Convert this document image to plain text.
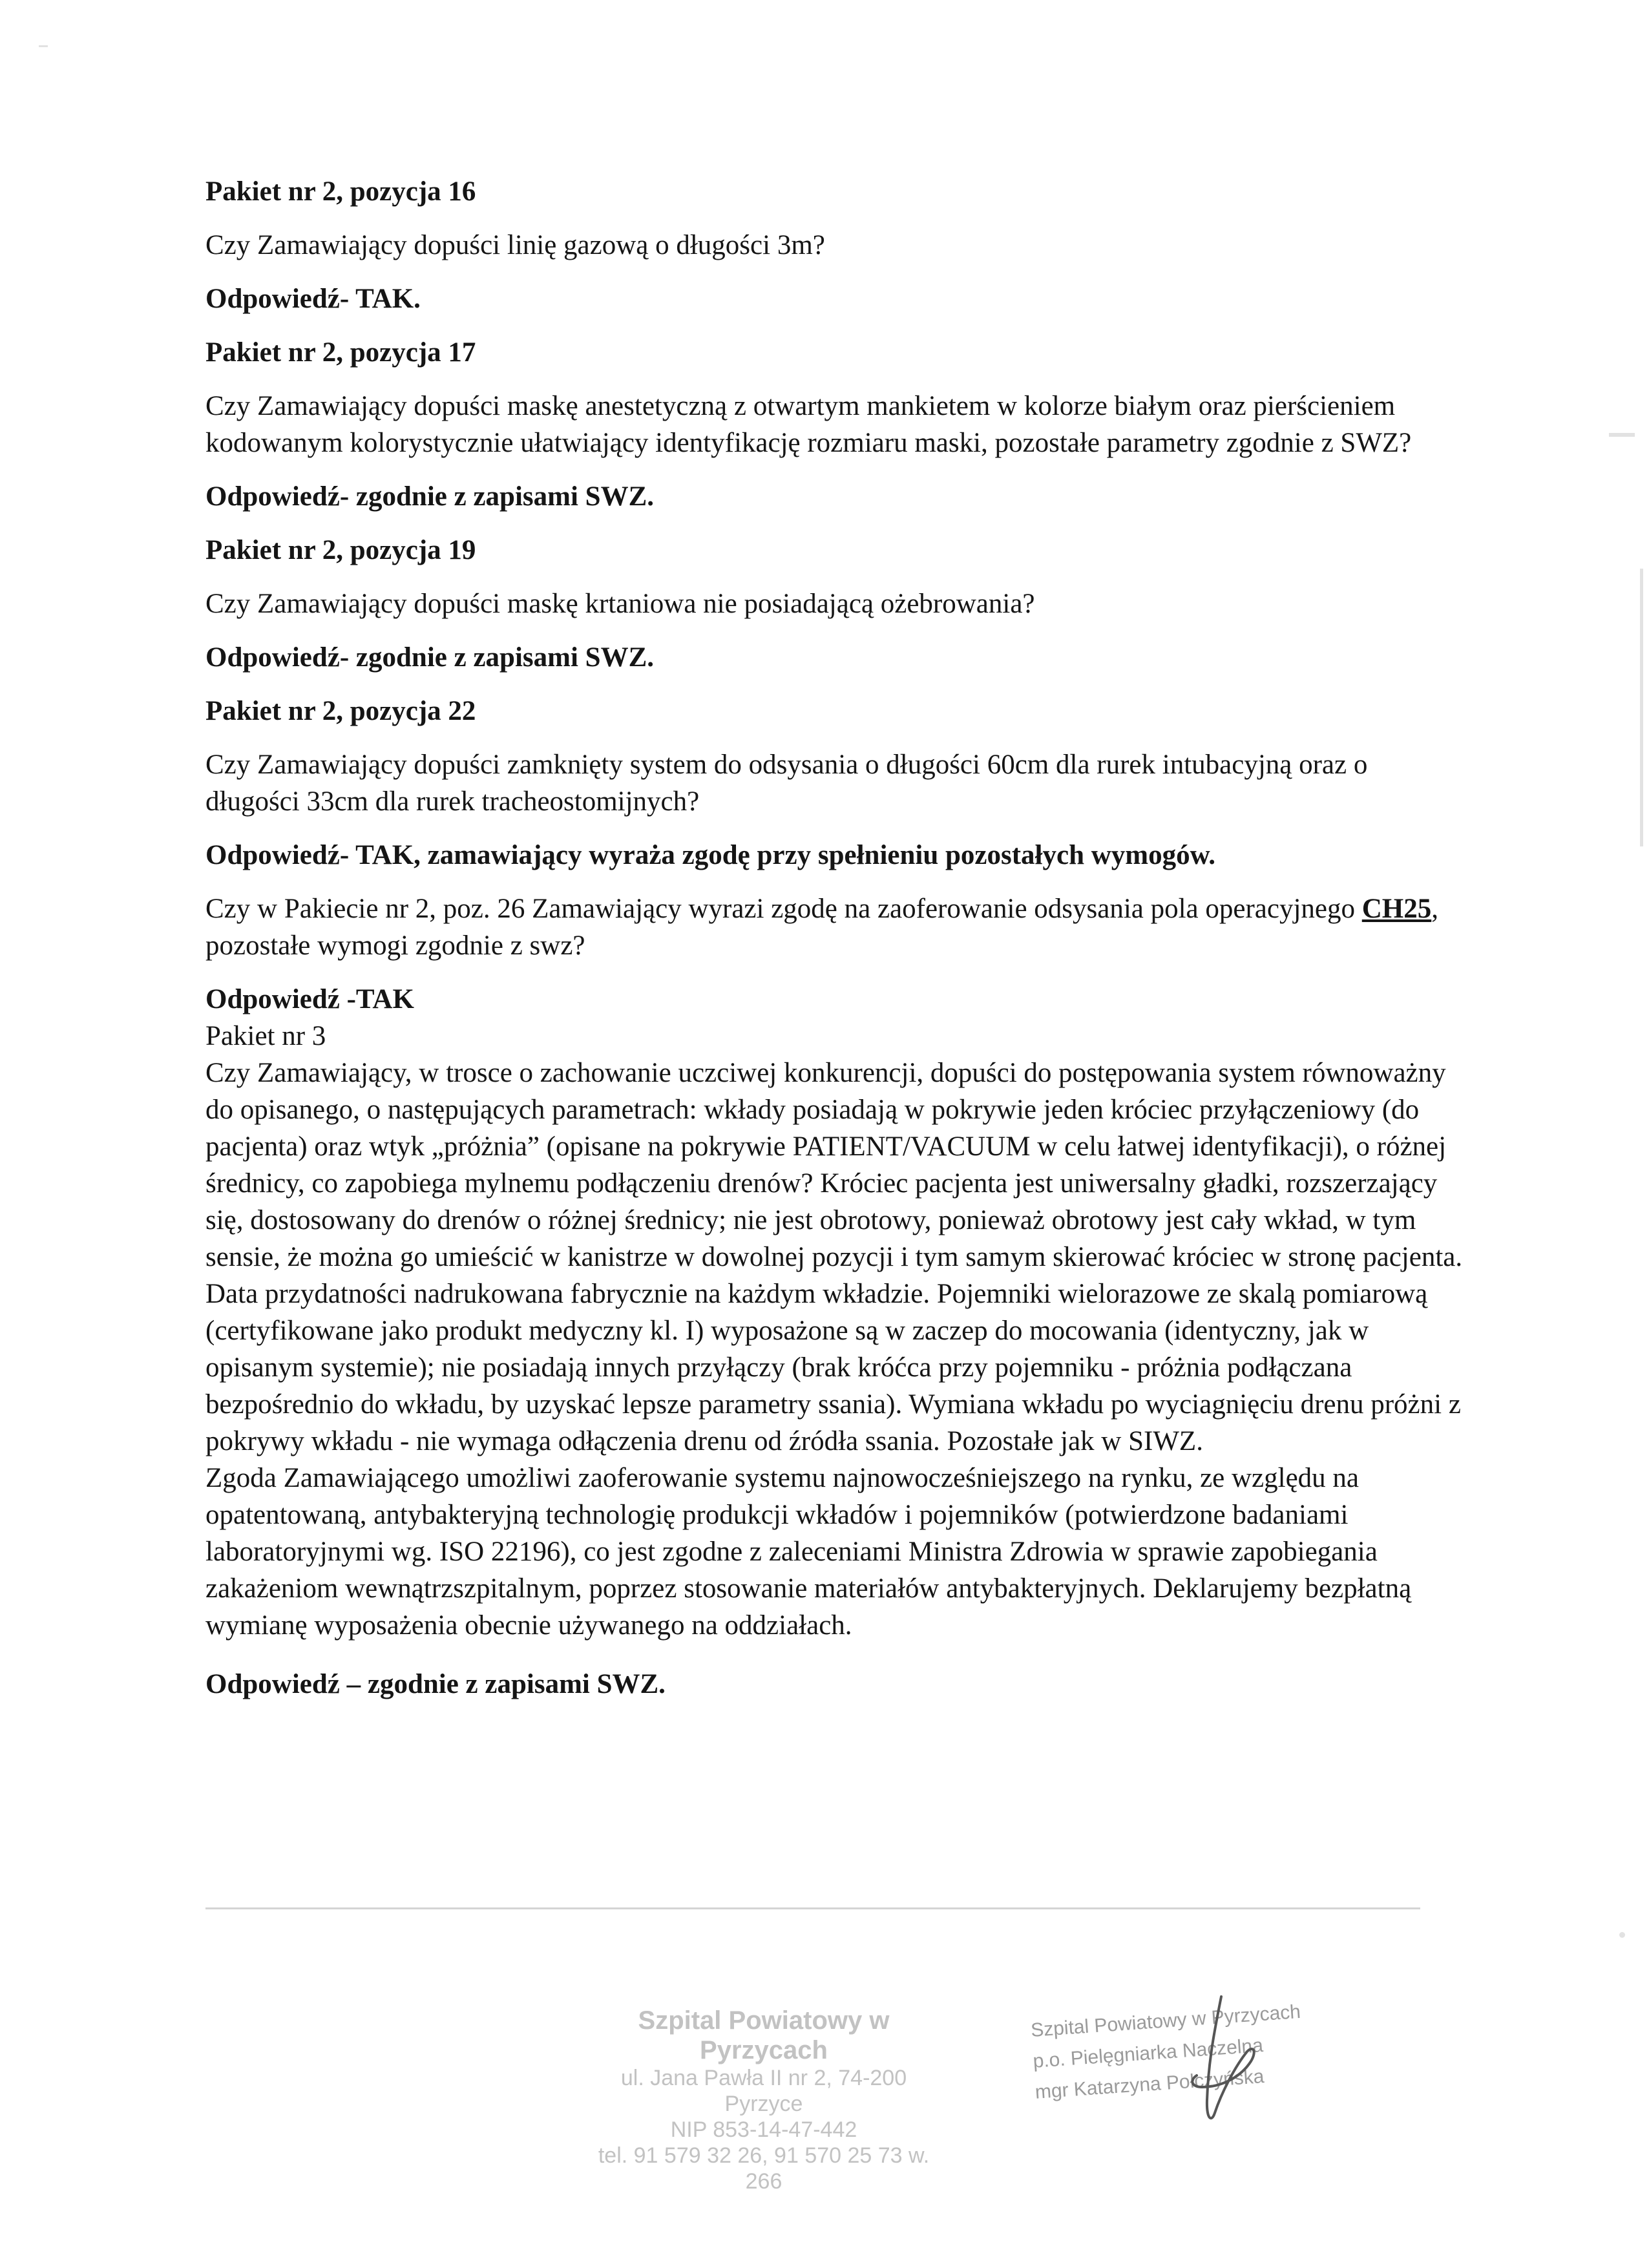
Pakiet nr 2, pozycja 16

Czy Zamawiający dopuści linię gazową o długości 3m?

Odpowiedź- TAK.

Pakiet nr 2, pozycja 17

Czy Zamawiający dopuści maskę anestetyczną z otwartym mankietem w kolorze białym oraz pierścieniem kodowanym kolorystycznie ułatwiający identyfikację rozmiaru maski, pozostałe parametry zgodnie z SWZ?

Odpowiedź- zgodnie z zapisami SWZ.

Pakiet nr 2, pozycja 19

Czy Zamawiający dopuści maskę krtaniowa nie posiadającą ożebrowania?

Odpowiedź- zgodnie z zapisami SWZ.

Pakiet nr 2, pozycja 22

Czy Zamawiający dopuści zamknięty system do odsysania o długości 60cm dla rurek intubacyjną oraz o długości 33cm dla rurek tracheostomijnych?

Odpowiedź- TAK, zamawiający wyraża zgodę przy spełnieniu pozostałych wymogów.

Czy w Pakiecie nr 2, poz. 26 Zamawiający wyrazi zgodę na zaoferowanie odsysania pola operacyjnego CH25, pozostałe wymogi zgodnie z swz?

Odpowiedź -TAK

Pakiet nr 3

Czy Zamawiający, w trosce o zachowanie uczciwej konkurencji, dopuści do postępowania system równoważny do opisanego, o następujących parametrach: wkłady posiadają w pokrywie jeden króciec przyłączeniowy (do pacjenta) oraz wtyk „próżnia” (opisane na pokrywie PATIENT/VACUUM w celu łatwej identyfikacji), o różnej średnicy, co zapobiega mylnemu podłączeniu drenów? Króciec pacjenta jest uniwersalny gładki, rozszerzający się, dostosowany do drenów o różnej średnicy; nie jest obrotowy, ponieważ obrotowy jest cały wkład, w tym sensie, że można go umieścić w kanistrze w dowolnej pozycji i tym samym skierować króciec w stronę pacjenta. Data przydatności nadrukowana fabrycznie na każdym wkładzie. Pojemniki wielorazowe ze skalą pomiarową (certyfikowane jako produkt medyczny kl. I) wyposażone są w zaczep do mocowania (identyczny, jak w opisanym systemie); nie posiadają innych przyłączy (brak króćca przy pojemniku - próżnia podłączana bezpośrednio do wkładu, by uzyskać lepsze parametry ssania). Wymiana wkładu po wyciagnięciu drenu próżni z pokrywy wkładu - nie wymaga odłączenia drenu od źródła ssania. Pozostałe jak w SIWZ.

Zgoda Zamawiającego umożliwi zaoferowanie systemu najnowocześniejszego na rynku, ze względu na opatentowaną, antybakteryjną technologię produkcji wkładów i pojemników (potwierdzone badaniami laboratoryjnymi wg. ISO 22196), co jest zgodne z zaleceniami Ministra Zdrowia w sprawie zapobiegania zakażeniom wewnątrzszpitalnym, poprzez stosowanie materiałów antybakteryjnych. Deklarujemy bezpłatną wymianę wyposażenia obecnie używanego na oddziałach.

Odpowiedź – zgodnie z zapisami SWZ.

Szpital Powiatowy w Pyrzycach
ul. Jana Pawła II nr 2, 74-200 Pyrzyce
NIP 853-14-47-442
tel. 91 579 32 26, 91 570 25 73 w. 266
Szpital Powiatowy w Pyrzycach
p.o. Pielęgniarka Naczelna
mgr Katarzyna Połczyńska
